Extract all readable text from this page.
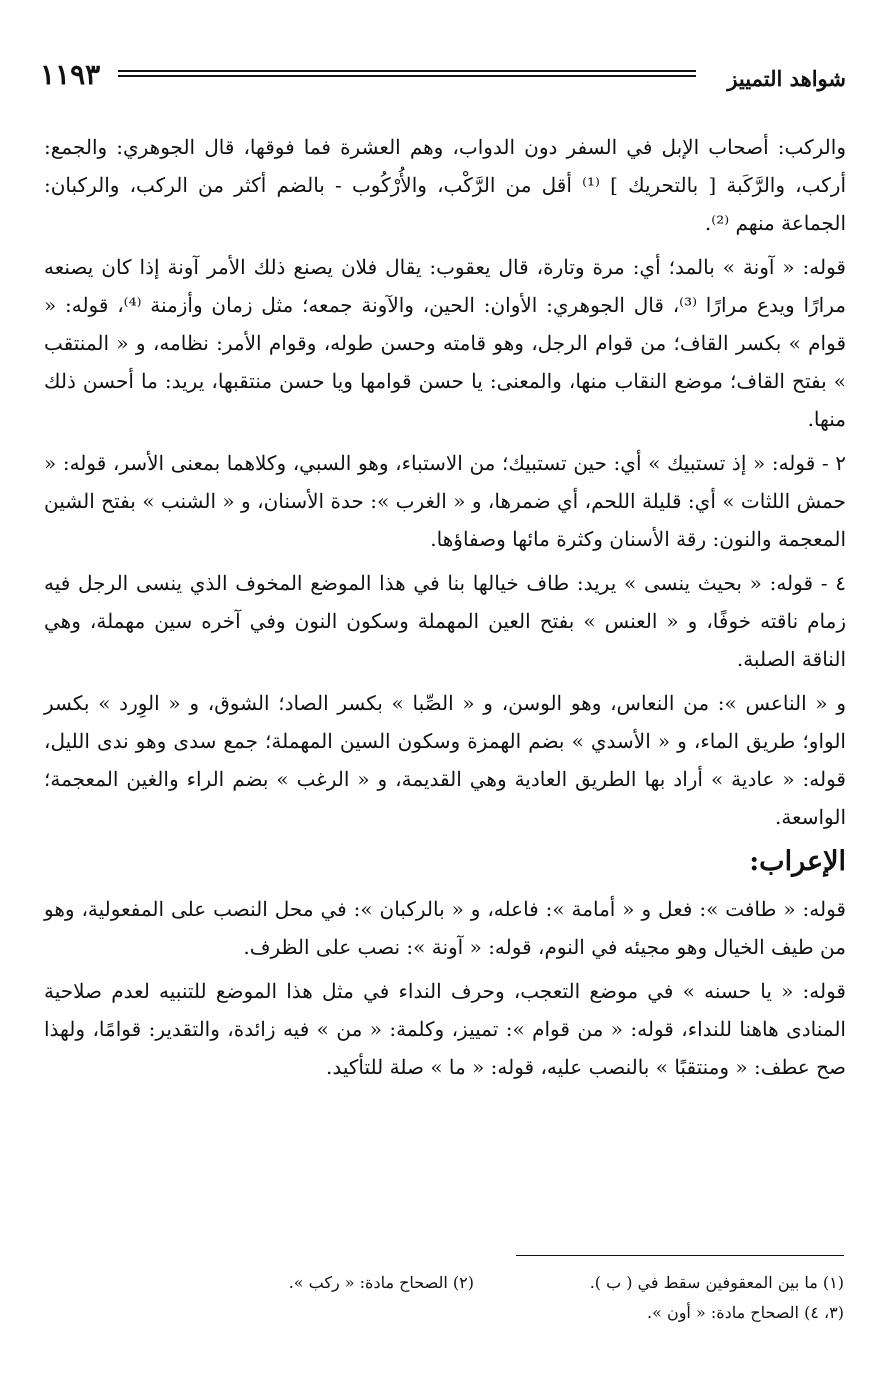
شواهد التمييز
١١٩٣

والركب: أصحاب الإبل في السفر دون الدواب، وهم العشرة فما فوقها، قال الجوهري: والجمع: أركب، والرَّكَبة [ بالتحريك ] ⁽¹⁾ أقل من الرَّكْب، والأُرْكُوب - بالضم أكثر من الركب، والركبان: الجماعة منهم ⁽²⁾.

قوله: « آونة » بالمد؛ أي: مرة وتارة، قال يعقوب: يقال فلان يصنع ذلك الأمر آونة إذا كان يصنعه مرارًا ويدع مرارًا ⁽³⁾، قال الجوهري: الأوان: الحين، والآونة جمعه؛ مثل زمان وأزمنة ⁽⁴⁾، قوله: « قوام » بكسر القاف؛ من قوام الرجل، وهو قامته وحسن طوله، وقوام الأمر: نظامه، و « المنتقب » بفتح القاف؛ موضع النقاب منها، والمعنى: يا حسن قوامها ويا حسن منتقبها، يريد: ما أحسن ذلك منها.

٢ - قوله: « إذ تستبيك » أي: حين تستبيك؛ من الاستباء، وهو السبي، وكلاهما بمعنى الأسر، قوله: « حمش اللثات » أي: قليلة اللحم، أي ضمرها، و « الغرب »: حدة الأسنان، و « الشنب » بفتح الشين المعجمة والنون: رقة الأسنان وكثرة مائها وصفاؤها.

٤ - قوله: « بحيث ينسى » يريد: طاف خيالها بنا في هذا الموضع المخوف الذي ينسى الرجل فيه زمام ناقته خوفًا، و « العنس » بفتح العين المهملة وسكون النون وفي آخره سين مهملة، وهي الناقة الصلبة.

و « الناعس »: من النعاس، وهو الوسن، و « الصِّبا » بكسر الصاد؛ الشوق، و « الوِرد » بكسر الواو؛ طريق الماء، و « الأسدي » بضم الهمزة وسكون السين المهملة؛ جمع سدى وهو ندى الليل، قوله: « عادية » أراد بها الطريق العادية وهي القديمة، و « الرغب » بضم الراء والغين المعجمة؛ الواسعة.

الإعراب:

قوله: « طافت »: فعل و « أمامة »: فاعله، و « بالركبان »: في محل النصب على المفعولية، وهو من طيف الخيال وهو مجيئه في النوم، قوله: « آونة »: نصب على الظرف.

قوله: « يا حسنه » في موضع التعجب، وحرف النداء في مثل هذا الموضع للتنبيه لعدم صلاحية المنادى هاهنا للنداء، قوله: « من قوام »: تمييز، وكلمة: « من » فيه زائدة، والتقدير: قوامًا، ولهذا صح عطف: « ومنتقبًا » بالنصب عليه، قوله: « ما » صلة للتأكيد.

(١) ما بين المعقوفين سقط في ( ب ).
(٢) الصحاح مادة: « ركب ».
(٣، ٤) الصحاح مادة: « أون ».
